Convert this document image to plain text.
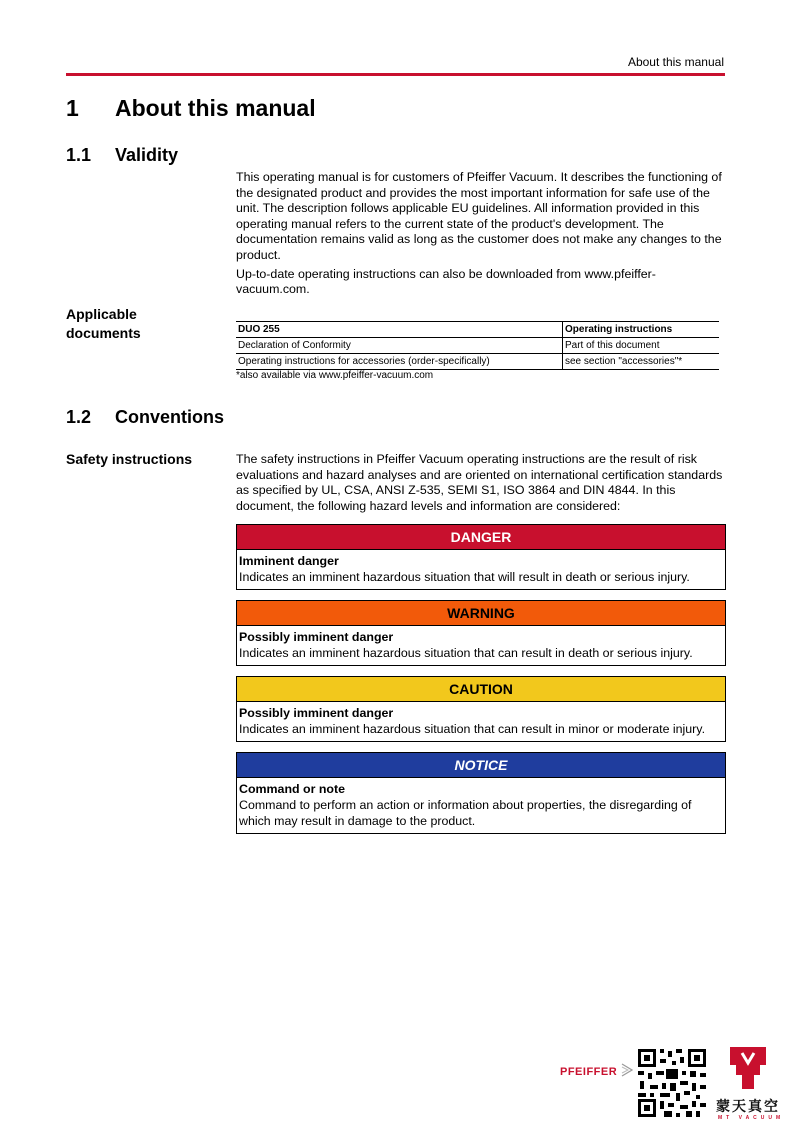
About this manual
1 About this manual
1.1 Validity

This operating manual is for customers of Pfeiffer Vacuum. It describes the functioning of the designated product and provides the most important information for safe use of the unit. The description follows applicable EU guidelines. All information provided in this operating manual refers to the current state of the product's development. The documentation remains valid as long as the customer does not make any changes to the product.

Up-to-date operating instructions can also be downloaded from www.pfeiffer-vacuum.com.

Applicable documents	DUO 255	Operating instructions
Declaration of Conformity	Part of this document
Operating instructions for accessories (order-specifically)	see section "accessories"*
*also available via www.pfeiffer-vacuum.com
1.2 Conventions
Safety instructions	The safety instructions in Pfeiffer Vacuum operating instructions are the result of risk evaluations and hazard analyses and are oriented on international certification standards as specified by UL, CSA, ANSI Z-535, SEMI S1, ISO 3864 and DIN 4844. In this document, the following hazard levels and information are considered:

DANGER
Imminent danger
Indicates an imminent hazardous situation that will result in death or serious injury.
WARNING
Possibly imminent danger
Indicates an imminent hazardous situation that can result in death or serious injury.
CAUTION
Possibly imminent danger
Indicates an imminent hazardous situation that can result in minor or moderate injury.
NOTICE
Command or note
Command to perform an action or information about properties, the disregarding of which may result in damage to the product.
PFEIFFER
蒙天真空
MT VACUUM
